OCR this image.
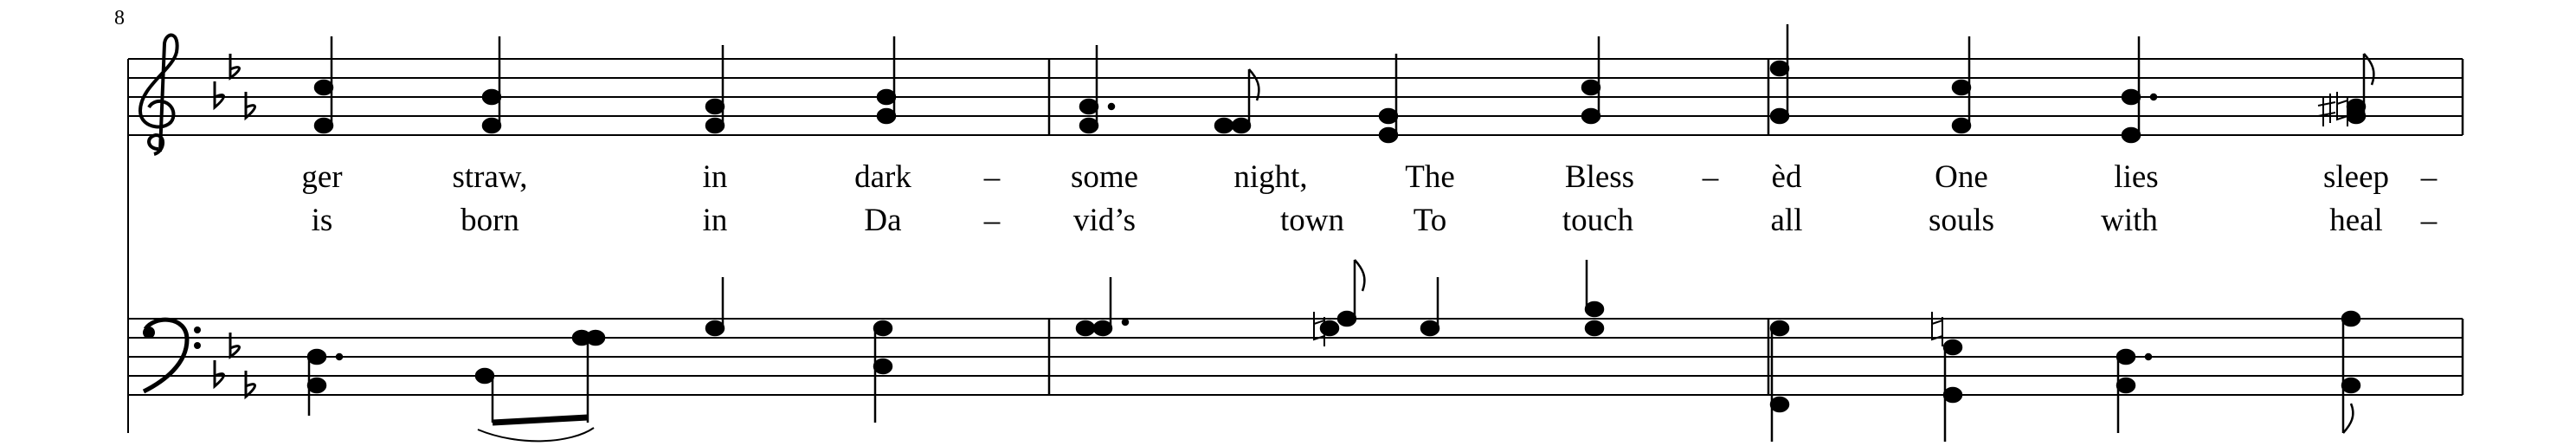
8
ger	straw,	in	dark – some	night,	The	Bless – èd	One	lies	sleep –
is	born	in	Da	– vid’s	town To	touch	all	souls	with	heal –
